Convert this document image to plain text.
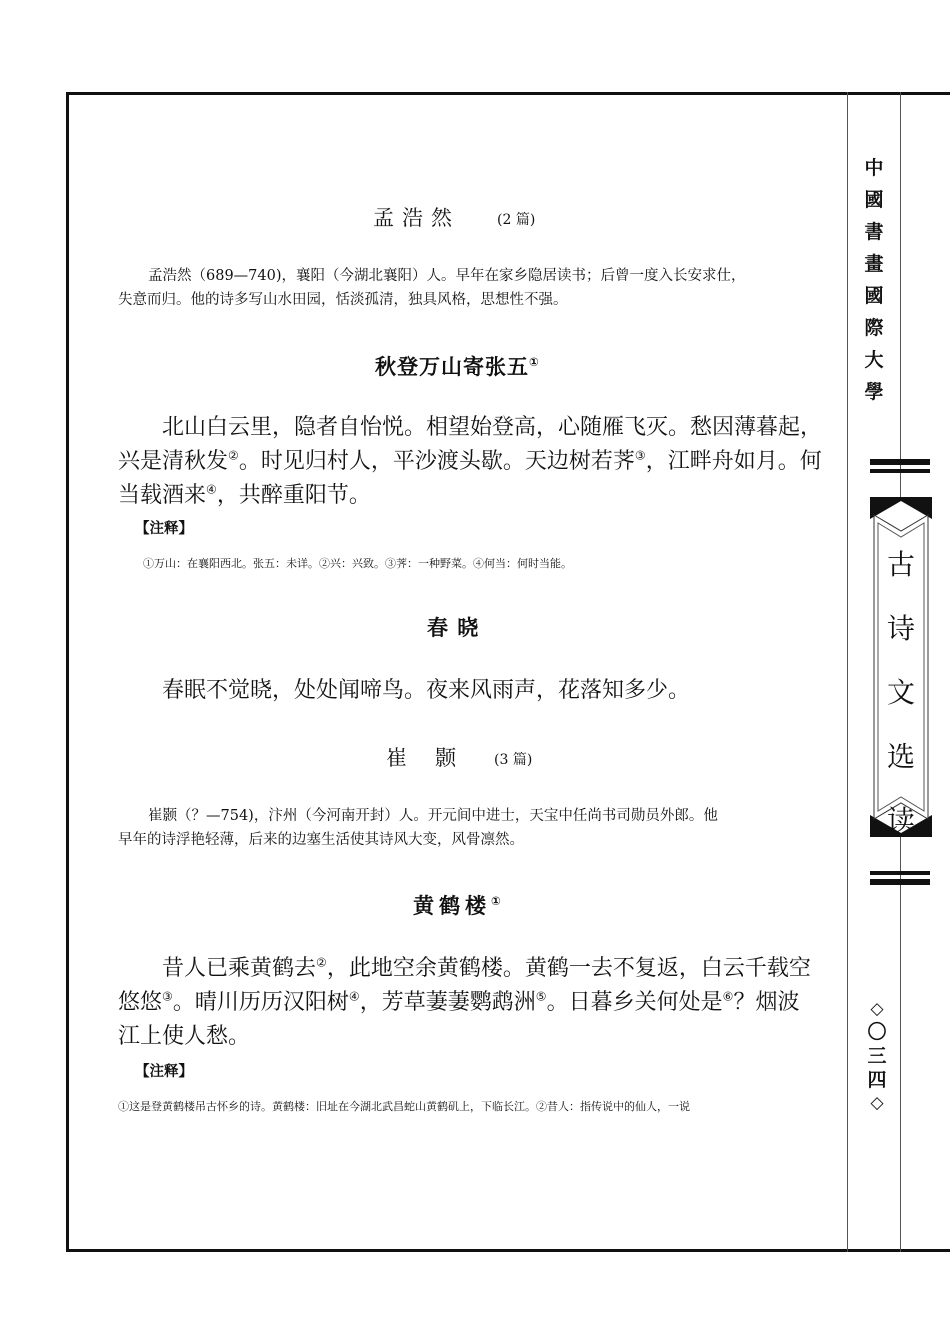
中
國
書
畫
國
際
大
學
古
诗
文
选
读
◇
〇
三
四
◇
孟浩然	(2 篇)
孟浩然（689—740)，襄阳（今湖北襄阳）人。早年在家乡隐居读书；后曾一度入长安求仕，
失意而归。他的诗多写山水田园，恬淡孤清，独具风格，思想性不强。
秋登万山寄张五①
北山白云里，隐者自怡悦。相望始登高，心随雁飞灭。愁因薄暮起，
兴是清秋发②。时见归村人，平沙渡头歇。天边树若荠③，江畔舟如月。何
当载酒来④，共醉重阳节。
【注释】
①万山：在襄阳西北。张五：未详。②兴：兴致。③荠：一种野菜。④何当：何时当能。
春 晓
春眠不觉晓，处处闻啼鸟。夜来风雨声，花落知多少。
崔颢 (3 篇)
崔颢（？—754)，汴州（今河南开封）人。开元间中进士，天宝中任尚书司勋员外郎。他
早年的诗浮艳轻薄，后来的边塞生活使其诗风大变，风骨凛然。
黄鹤楼①
昔人已乘黄鹤去②，此地空余黄鹤楼。黄鹤一去不复返，白云千载空
悠悠③。晴川历历汉阳树④，芳草萋萋鹦鹉洲⑤。日暮乡关何处是⑥？烟波
江上使人愁。
【注释】
①这是登黄鹤楼吊古怀乡的诗。黄鹤楼：旧址在今湖北武昌蛇山黄鹤矶上，下临长江。②昔人：指传说中的仙人，一说
